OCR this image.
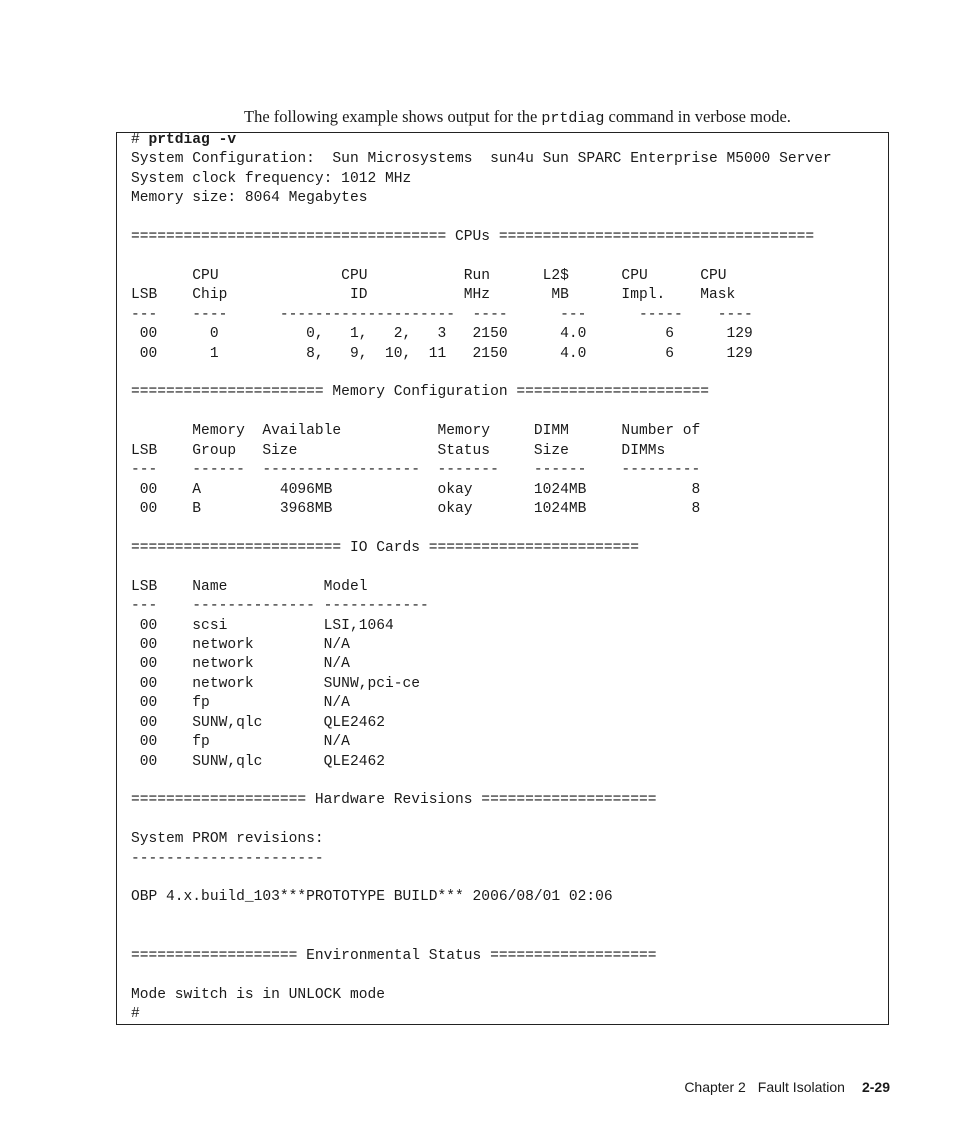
The following example shows output for the prtdiag command in verbose mode.

# prtdiag -v
System Configuration:  Sun Microsystems  sun4u Sun SPARC Enterprise M5000 Server
System clock frequency: 1012 MHz
Memory size: 8064 Megabytes
==================================== CPUs ====================================
CPU              CPU           Run      L2$      CPU      CPU
LSB    Chip              ID           MHz       MB      Impl.    Mask
---    ----      --------------------  ----      ---      -----    ----
00      0          0,   1,   2,   3   2150      4.0         6      129
00      1          8,   9,  10,  11   2150      4.0         6      129
====================== Memory Configuration ======================
Memory  Available           Memory     DIMM      Number of
LSB    Group   Size                Status     Size      DIMMs
---    ------  ------------------  -------    ------    ---------
00    A         4096MB            okay       1024MB            8
00    B         3968MB            okay       1024MB            8
======================== IO Cards ========================
LSB    Name           Model
---    -------------- ------------
00    scsi           LSI,1064
00    network        N/A
00    network        N/A
00    network        SUNW,pci-ce
00    fp             N/A
00    SUNW,qlc       QLE2462
00    fp             N/A
00    SUNW,qlc       QLE2462
==================== Hardware Revisions ====================
System PROM revisions:
----------------------
OBP 4.x.build_103***PROTOTYPE BUILD*** 2006/08/01 02:06
=================== Environmental Status ===================
Mode switch is in UNLOCK mode
#
Chapter 2 Fault Isolation 2-29
